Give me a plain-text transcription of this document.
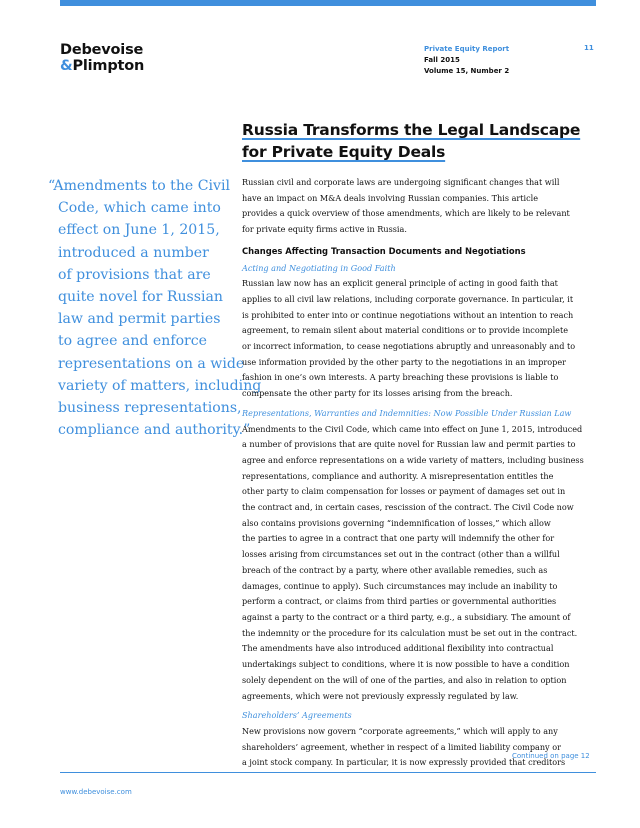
Debevoise
&Plimpton
Private Equity Report
Fall 2015
Volume 15, Number 2
11
Russia Transforms the Legal Landscape
for Private Equity Deals
“Amendments to the Civil
Code, which came into
effect on June 1, 2015,
introduced a number
of provisions that are
quite novel for Russian
law and permit parties
to agree and enforce
representations on a wide
variety of matters, including
business representations,
compliance and authority.”
Russian civil and corporate laws are undergoing significant changes that will
have an impact on M&A deals involving Russian companies. This article
provides a quick overview of those amendments, which are likely to be relevant
for private equity firms active in Russia.
Changes Affecting Transaction Documents and Negotiations
Acting and Negotiating in Good Faith
Russian law now has an explicit general principle of acting in good faith that
applies to all civil law relations, including corporate governance. In particular, it
is prohibited to enter into or continue negotiations without an intention to reach
agreement, to remain silent about material conditions or to provide incomplete
or incorrect information, to cease negotiations abruptly and unreasonably and to
use information provided by the other party to the negotiations in an improper
fashion in one’s own interests. A party breaching these provisions is liable to
compensate the other party for its losses arising from the breach.
Representations, Warranties and Indemnities: Now Possible Under Russian Law
Amendments to the Civil Code, which came into effect on June 1, 2015, introduced
a number of provisions that are quite novel for Russian law and permit parties to
agree and enforce representations on a wide variety of matters, including business
representations, compliance and authority. A misrepresentation entitles the
other party to claim compensation for losses or payment of damages set out in
the contract and, in certain cases, rescission of the contract. The Civil Code now
also contains provisions governing “indemnification of losses,” which allow
the parties to agree in a contract that one party will indemnify the other for
losses arising from circumstances set out in the contract (other than a willful
breach of the contract by a party, where other available remedies, such as
damages, continue to apply). Such circumstances may include an inability to
perform a contract, or claims from third parties or governmental authorities
against a party to the contract or a third party, e.g., a subsidiary. The amount of
the indemnity or the procedure for its calculation must be set out in the contract.
The amendments have also introduced additional flexibility into contractual
undertakings subject to conditions, where it is now possible to have a condition
solely dependent on the will of one of the parties, and also in relation to option
agreements, which were not previously expressly regulated by law.
Shareholders’ Agreements
New provisions now govern “corporate agreements,” which will apply to any
shareholders’ agreement, whether in respect of a limited liability company or
a joint stock company. In particular, it is now expressly provided that creditors
Continued on page 12
www.debevoise.com
